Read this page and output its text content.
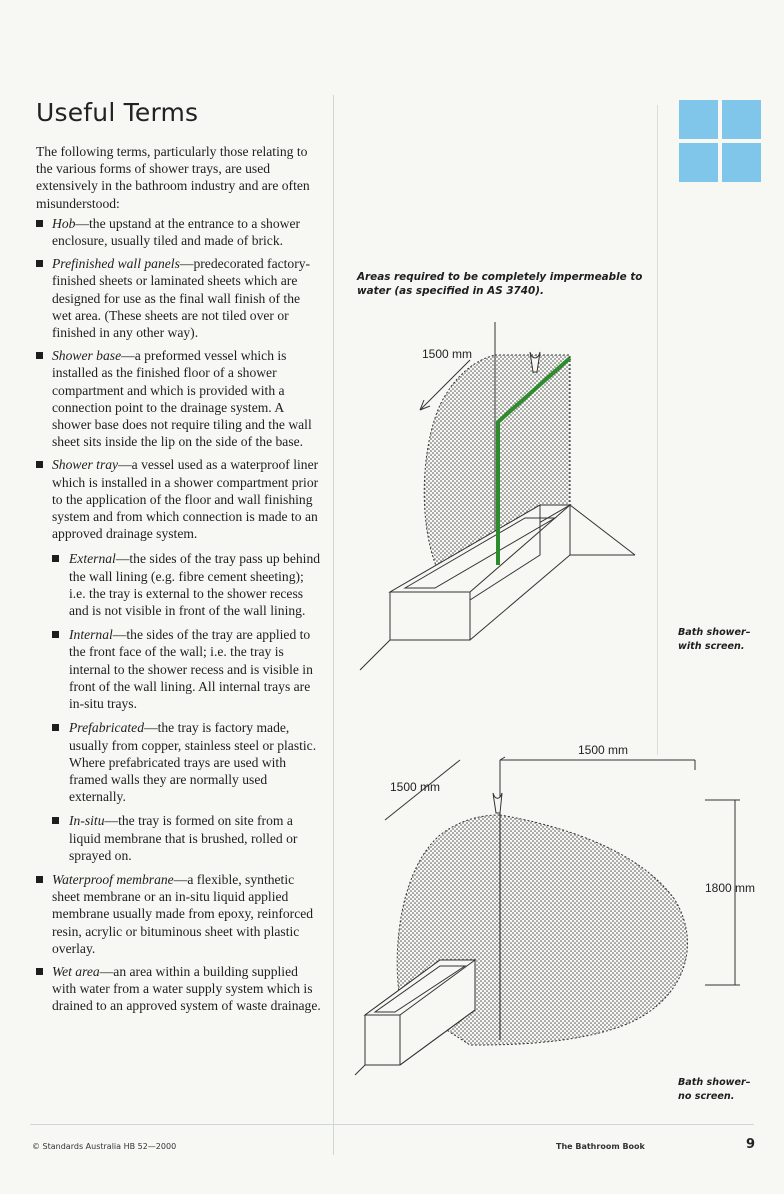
Useful Terms

The following terms, particularly those relating to the various forms of shower trays, are used extensively in the bathroom industry and are often misunderstood:

Hob—the upstand at the entrance to a shower enclosure, usually tiled and made of brick.
Prefinished wall panels—predecorated factory-finished sheets or laminated sheets which are designed for use as the final wall finish of the wet area. (These sheets are not tiled over or finished in any other way).
Shower base—a preformed vessel which is installed as the finished floor of a shower compartment and which is provided with a connection point to the drainage system. A shower base does not require tiling and the wall sheet sits inside the lip on the side of the base.
Shower tray—a vessel used as a waterproof liner which is installed in a shower compartment prior to the application of the floor and wall finishing system and from which connection is made to an approved drainage system.
External—the sides of the tray pass up behind the wall lining (e.g. fibre cement sheeting); i.e. the tray is external to the shower recess and is not visible in front of the wall lining.
Internal—the sides of the tray are applied to the front face of the wall; i.e. the tray is internal to the shower recess and is visible in front of the wall lining. All internal trays are in-situ trays.
Prefabricated—the tray is factory made, usually from copper, stainless steel or plastic. Where prefabricated trays are used with framed walls they are normally used externally.
In-situ—the tray is formed on site from a liquid membrane that is brushed, rolled or sprayed on.
Waterproof membrane—a flexible, synthetic sheet membrane or an in-situ liquid applied membrane usually made from epoxy, reinforced resin, acrylic or bituminous sheet with plastic overlay.
Wet area—an area within a building supplied with water from a water supply system which is drained to an approved system of waste drainage.
Areas required to be completely impermeable to water (as specified in AS 3740).
1500 mm
1500 mm
1500 mm
1800 mm
Bath shower–
with screen.
Bath shower–
no screen.
© Standards Australia HB 52—2000	The Bathroom Book	9
